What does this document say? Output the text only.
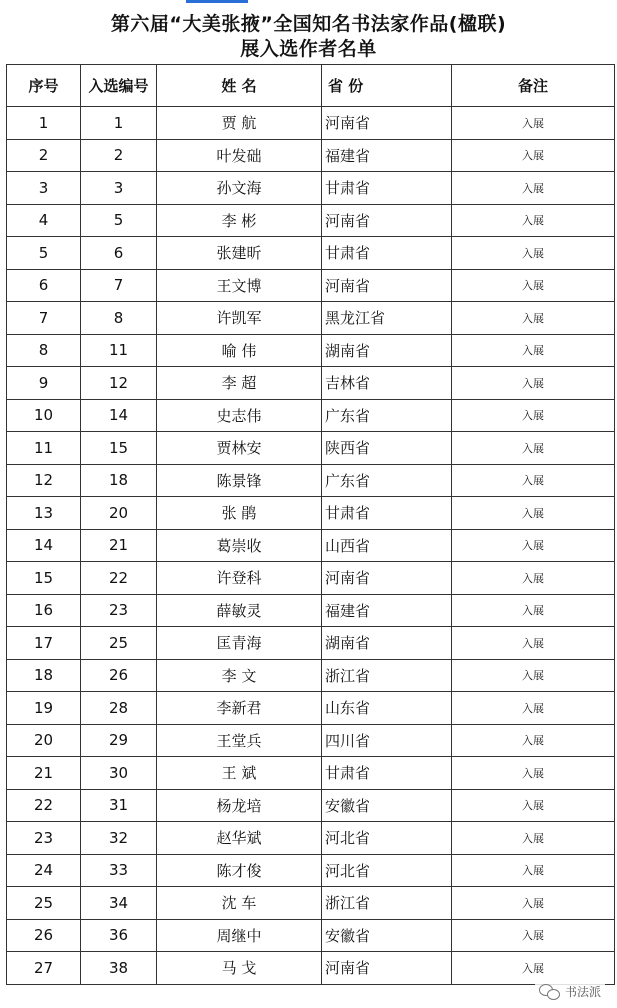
第六届“大美张掖”全国知名书法家作品(楹联)
展入选作者名单
序号	入选编号	姓 名	省 份	备注
1	1	贾 航	河南省	入展
2	2	叶发础	福建省	入展
3	3	孙文海	甘肃省	入展
4	5	李 彬	河南省	入展
5	6	张建昕	甘肃省	入展
6	7	王文博	河南省	入展
7	8	许凯军	黑龙江省	入展
8	11	喻 伟	湖南省	入展
9	12	李 超	吉林省	入展
10	14	史志伟	广东省	入展
11	15	贾林安	陕西省	入展
12	18	陈景锋	广东省	入展
13	20	张 鹃	甘肃省	入展
14	21	葛崇收	山西省	入展
15	22	许登科	河南省	入展
16	23	薛敏灵	福建省	入展
17	25	匡青海	湖南省	入展
18	26	李 文	浙江省	入展
19	28	李新君	山东省	入展
20	29	王堂兵	四川省	入展
21	30	王 斌	甘肃省	入展
22	31	杨龙培	安徽省	入展
23	32	赵华斌	河北省	入展
24	33	陈才俊	河北省	入展
25	34	沈 车	浙江省	入展
26	36	周继中	安徽省	入展
27	38	马 戈	河南省	入展
书法派
